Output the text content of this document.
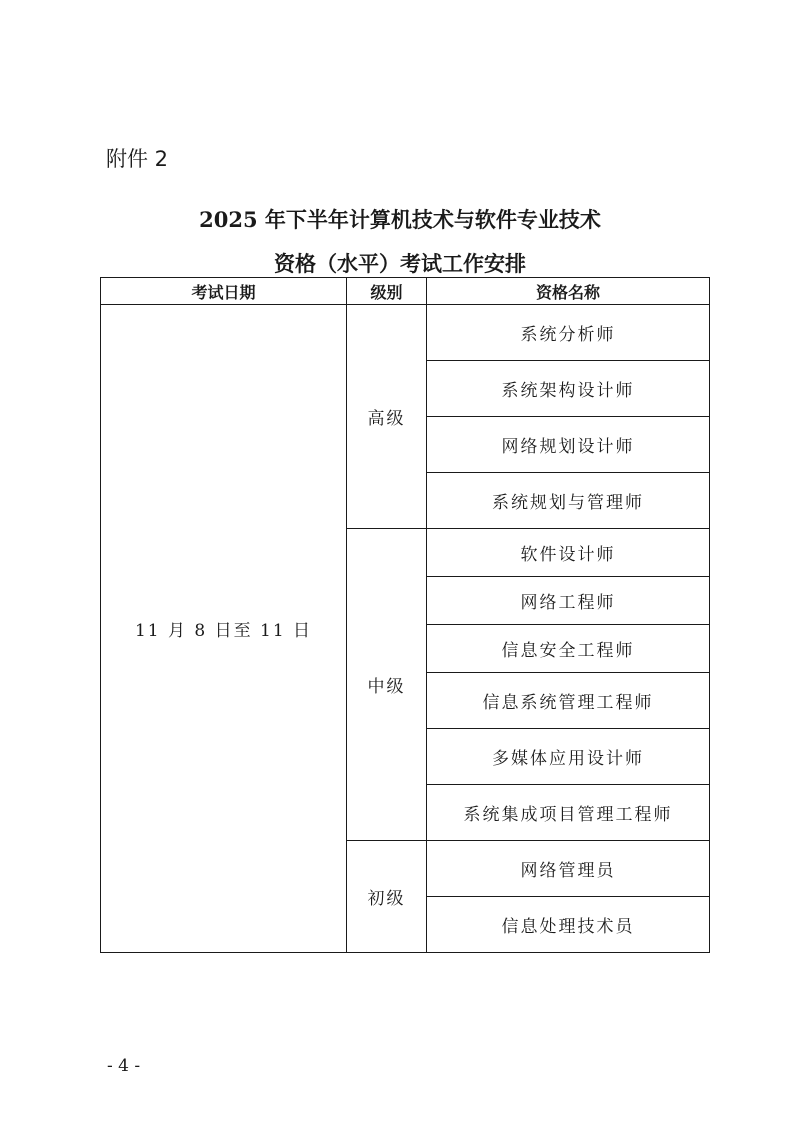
附件 2
2025 年下半年计算机技术与软件专业技术
资格（水平）考试工作安排
考试日期	级别	资格名称
11 月 8 日至 11 日	高级	系统分析师
		系统架构设计师
		网络规划设计师
		系统规划与管理师
	中级	软件设计师
		网络工程师
		信息安全工程师
		信息系统管理工程师
		多媒体应用设计师
		系统集成项目管理工程师
	初级	网络管理员
		信息处理技术员
- 4 -
